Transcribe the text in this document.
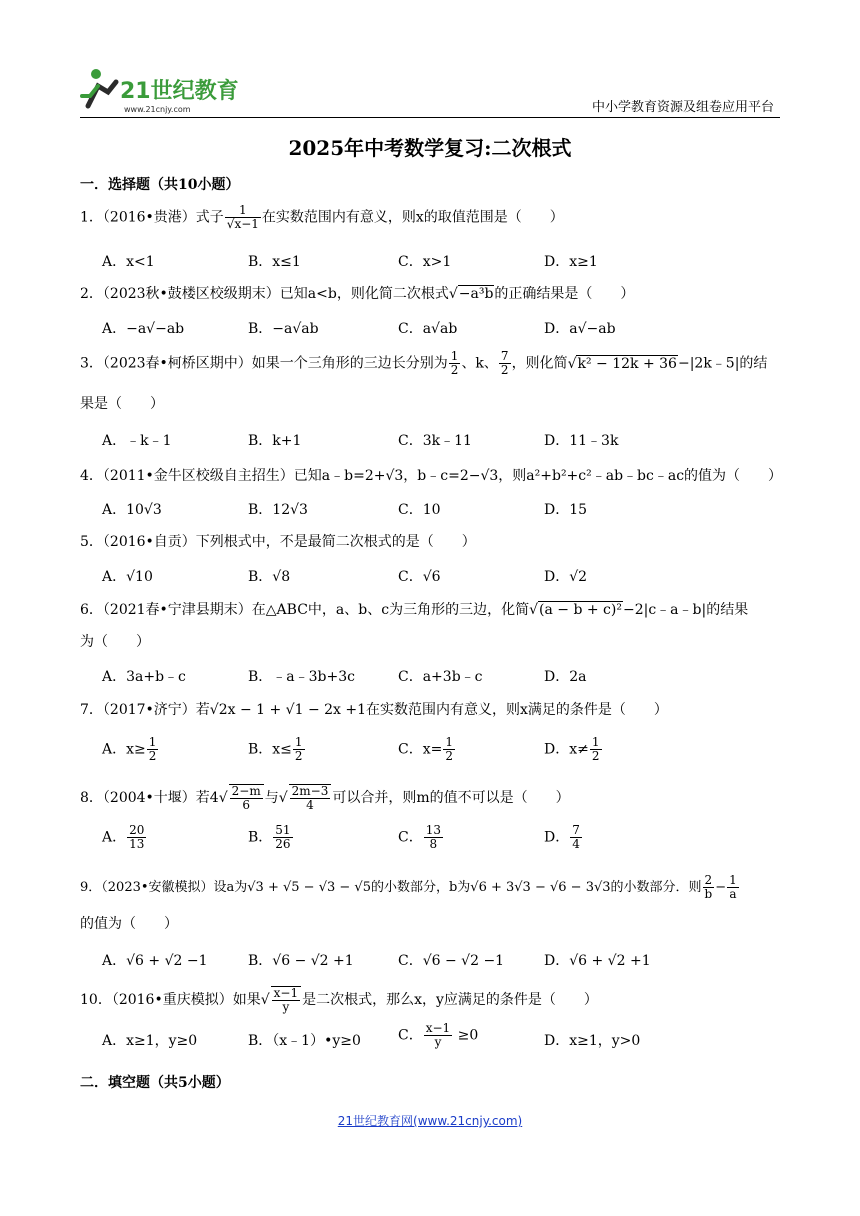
21世纪教育
www.21cnjy.com	中小学教育资源及组卷应用平台
2025年中考数学复习:二次根式
一．选择题（共10小题）
1．（2016•贵港）式子 $\frac{1}{√x-1}$ 在实数范围内有意义，则x的取值范围是（　　）
A．x<1	B．x≤1	C．x>1	D．x≥1
2．（2023秋•鼓楼区校级期末）已知a<b，则化简二次根式√−a³b的正确结果是（　　）
A．−a√−ab	B．−a√ab	C．a√ab	D．a√−ab
3．（2023春•柯桥区期中）如果一个三角形的三边长分别为 $\frac{1}{2}$ 、k、 $\frac{7}{2}$ ，则化简√k² − 12k + 36−|2k﹣5|的结
果是（　　）
A．﹣k﹣1	B．k+1	C．3k﹣11	D．11﹣3k
4．（2011•金牛区校级自主招生）已知a﹣b=2+√3，b﹣c=2−√3，则a²+b²+c²﹣ab﹣bc﹣ac的值为（　　）
A．10√3	B．12√3	C．10	D．15
5．（2016•自贡）下列根式中，不是最简二次根式的是（　　）
A．√10	B．√8	C．√6	D．√2
6．（2021春•宁津县期末）在△ABC中，a、b、c为三角形的三边，化简√(a − b + c)²−2|c﹣a﹣b|的结果
为（　　）
A．3a+b﹣c	B．﹣a﹣3b+3c	C．a+3b﹣c	D．2a
7．（2017•济宁）若√2x − 1 + √1 − 2x +1在实数范围内有意义，则x满足的条件是（　　）
A．$x\ge \frac{1}{2}$	B．$x\le \frac{1}{2}$	C．$x= \frac{1}{2}$	D．$x\ne \frac{1}{2}$
8．（2004•十堰）若$4√ \frac{2-m}{6}$ 与√ $\frac{2m-3}{4}$ 可以合并，则m的值不可以是（　　）
A． $\frac{20}{13}$	B． $\frac{51}{26}$	C． $\frac{13}{8}$	D． $\frac{7}{4}$
9．（2023•安徽模拟）设a为√3 + √5 − √3 − √5的小数部分，b为√6 + 3√3 − √6 − 3√3的小数部分．则 $\frac{2}{b} - \frac{1}{a}$
的值为（　　）
A．√6 + √2 −1	B．√6 − √2 +1	C．√6 − √2 −1	D．√6 + √2 +1
10．（2016•重庆模拟）如果√ $\frac{x-1}{y}$ 是二次根式，那么x，y应满足的条件是（　　）
A．x≥1，y≥0	B．（x﹣1）•y≥0	C． $\frac{x-1}{y} \ge 0$	D．x≥1，y>0
二．填空题（共5小题）
21世纪教育网(www.21cnjy.com)
